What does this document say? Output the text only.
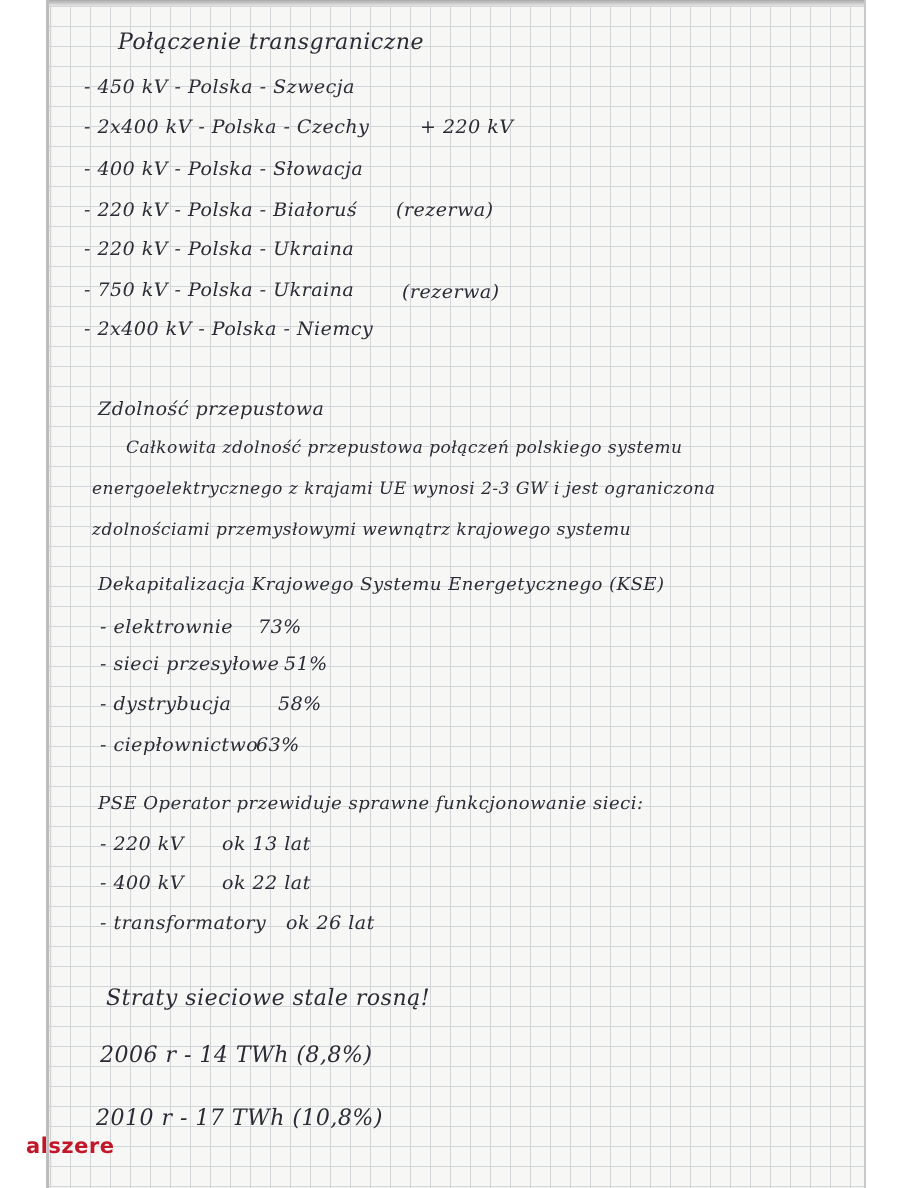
Połączenie transgraniczne
- 450 kV - Polska - Szwecja
- 2x400 kV - Polska - Czechy	+ 220 kV
- 400 kV - Polska - Słowacja
- 220 kV - Polska - Białoruś (rezerwa)
- 220 kV - Polska - Ukraina
- 750 kV - Polska - Ukraina	(rezerwa)
- 2x400 kV - Polska - Niemcy
Zdolność przepustowa
Całkowita zdolność przepustowa połączeń polskiego systemu
energoelektrycznego z krajami UE wynosi 2-3 GW i jest ograniczona
zdolnościami przemysłowymi wewnątrz krajowego systemu
Dekapitalizacja Krajowego Systemu Energetycznego (KSE)
- elektrownie 73%
- sieci przesyłowe 51%
- dystrybucja 58%
- ciepłownictwo
63%
PSE Operator przewiduje sprawne funkcjonowanie sieci:
- 220 kV ok 13 lat
- 400 kV ok 22 lat
- transformatory ok 26 lat
Straty sieciowe stale rosną!
2006 r - 14 TWh (8,8%)
2010 r - 17 TWh (10,8%)
alszere
